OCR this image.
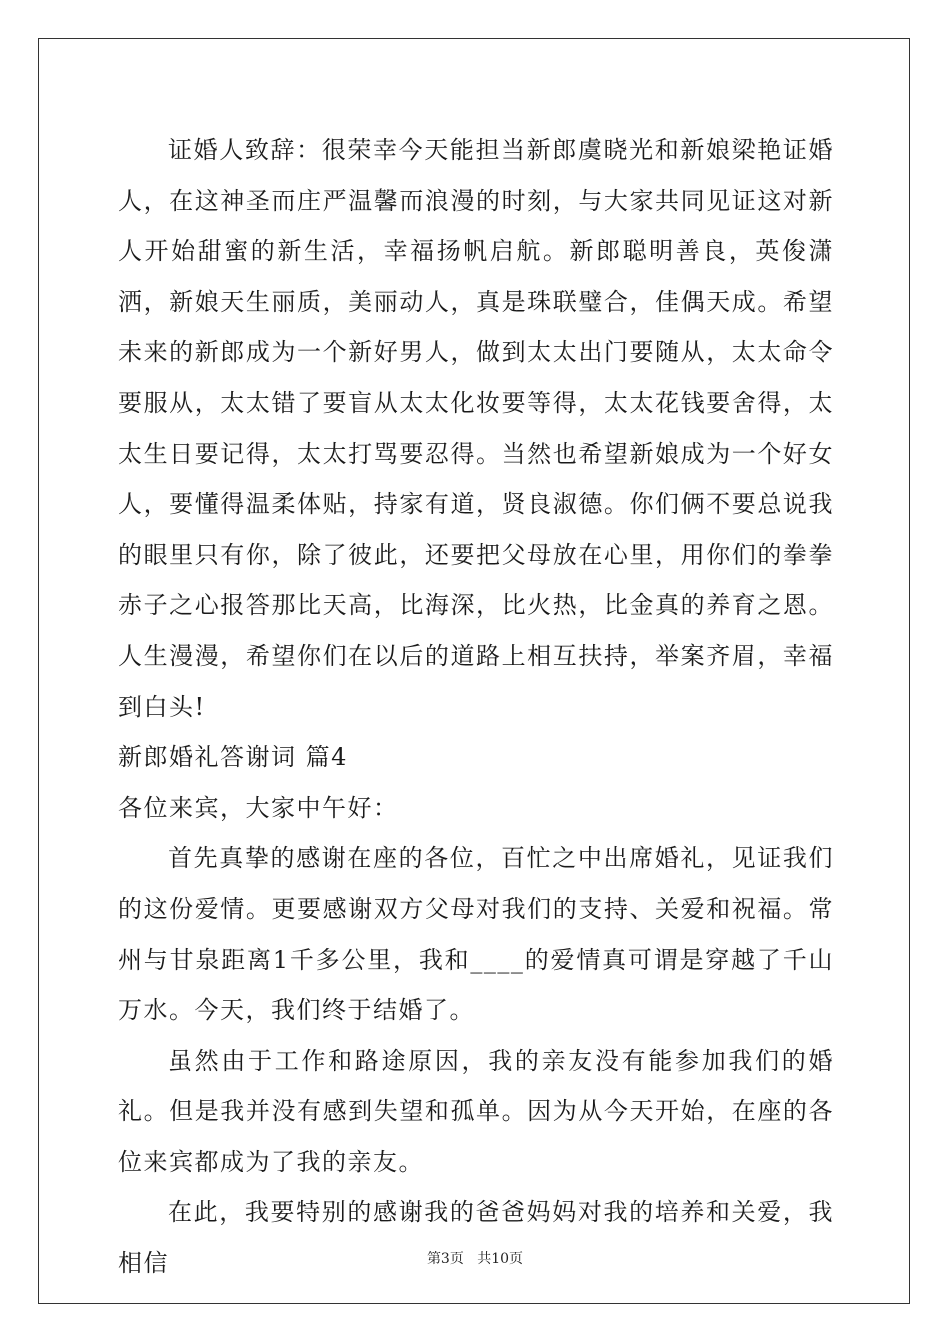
证婚人致辞：很荣幸今天能担当新郎虞晓光和新娘梁艳证婚人，在这神圣而庄严温馨而浪漫的时刻，与大家共同见证这对新人开始甜蜜的新生活，幸福扬帆启航。新郎聪明善良，英俊潇洒，新娘天生丽质，美丽动人，真是珠联璧合，佳偶天成。希望未来的新郎成为一个新好男人，做到太太出门要随从，太太命令要服从，太太错了要盲从太太化妆要等得，太太花钱要舍得，太太生日要记得，太太打骂要忍得。当然也希望新娘成为一个好女人，要懂得温柔体贴，持家有道，贤良淑德。你们俩不要总说我的眼里只有你，除了彼此，还要把父母放在心里，用你们的拳拳赤子之心报答那比天高，比海深，比火热，比金真的养育之恩。人生漫漫，希望你们在以后的道路上相互扶持，举案齐眉，幸福到白头!

新郎婚礼答谢词 篇4

各位来宾，大家中午好：

首先真挚的感谢在座的各位，百忙之中出席婚礼，见证我们的这份爱情。更要感谢双方父母对我们的支持、关爱和祝福。常州与甘泉距离1千多公里，我和____的爱情真可谓是穿越了千山万水。今天，我们终于结婚了。

虽然由于工作和路途原因，我的亲友没有能参加我们的婚礼。但是我并没有感到失望和孤单。因为从今天开始，在座的各位来宾都成为了我的亲友。

在此，我要特别的感谢我的爸爸妈妈对我的培养和关爱，我相信	第3页 共10页
